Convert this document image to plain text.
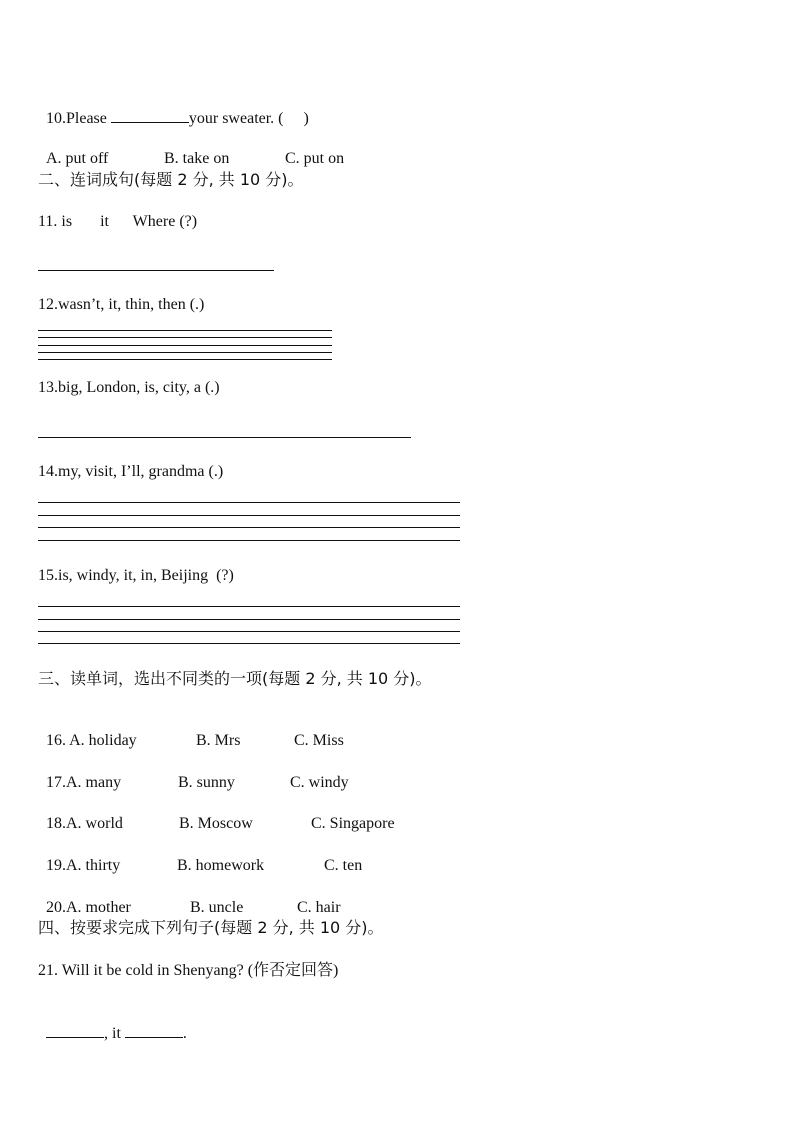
10.Please	your sweater. (     )

A. put off	B. take on	C. put on

二、连词成句(每题 2 分, 共 10 分)。
11. is       it      Where (?)
12.wasn’t, it, thin, then (.)
13.big, London, is, city, a (.)
14.my, visit, I’ll, grandma (.)
15.is, windy, it, in, Beijing  (?)
三、读单词，选出不同类的一项(每题 2 分, 共 10 分)。

16. A. holiday	B. Mrs	C. Miss

17.A. many	B. sunny	C. windy

18.A. world	B. Moscow	C. Singapore

19.A. thirty	B. homework	C. ten

20.A. mother	B. uncle	C. hair

四、按要求完成下列句子(每题 2 分, 共 10 分)。
21. Will it be cold in Shenyang? (作否定回答)

, it	.
